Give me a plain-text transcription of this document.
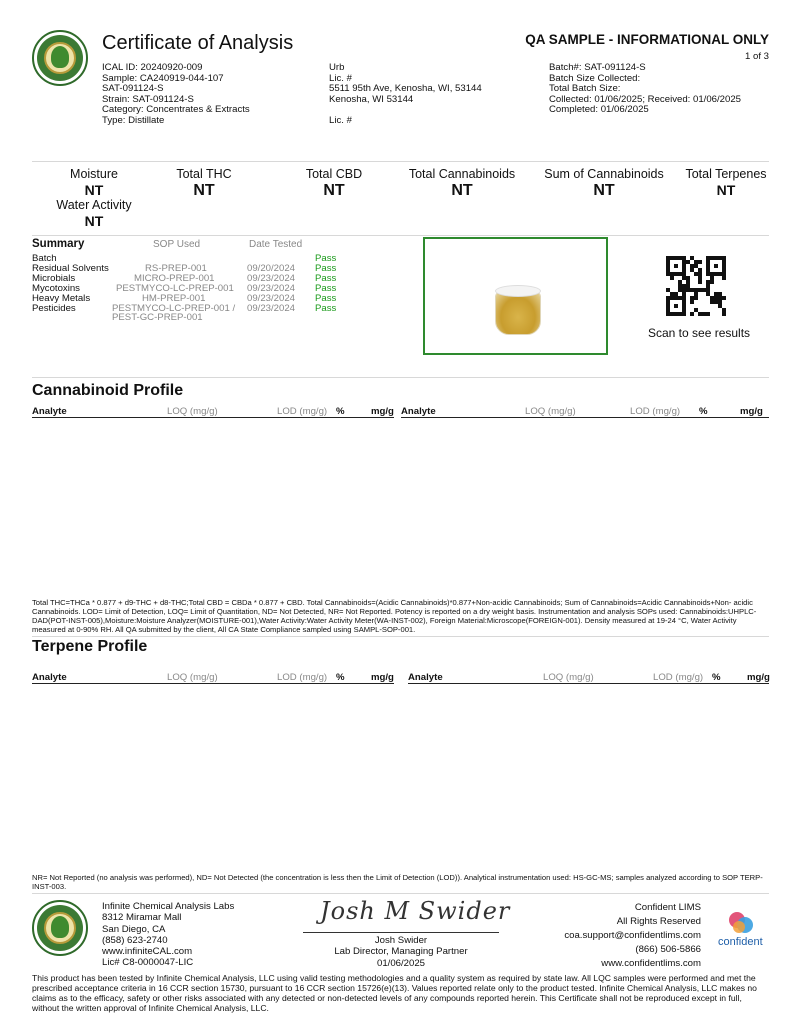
Certificate of Analysis	QA SAMPLE - INFORMATIONAL ONLY
1 of 3
ICAL ID: 20240920-009
Sample: CA240919-044-107
SAT-091124-S
Strain: SAT-091124-S
Category: Concentrates & Extracts
Type: Distillate
Urb
Lic. #
5511 95th Ave, Kenosha, WI, 53144
Kenosha, WI 53144
Lic. #
Batch#: SAT-091124-S
Batch Size Collected:
Total Batch Size:
Collected: 01/06/2025; Received: 01/06/2025
Completed: 01/06/2025
Moisture
NT
Water Activity
NT
Total THC
NT
Total CBD
NT
Total Cannabinoids
NT
Sum of Cannabinoids
NT
Total Terpenes
NT
Summary	SOP Used	Date Tested
Batch	Pass
Residual Solvents	RS-PREP-001	09/20/2024 Pass
Microbials	MICRO-PREP-001	09/23/2024 Pass
Mycotoxins	PESTMYCO-LC-PREP-001 09/23/2024 Pass
Heavy Metals	HM-PREP-001	09/23/2024 Pass
Pesticides	PESTMYCO-LC-PREP-001 / 09/23/2024 Pass
PEST-GC-PREP-001
Scan to see results
Cannabinoid Profile
Analyte	LOQ (mg/g)	LOD (mg/g) %	mg/g Analyte	LOQ (mg/g)	LOD (mg/g) %	mg/g
Total THC=THCa * 0.877 + d9-THC + d8-THC;Total CBD = CBDa * 0.877 + CBD. Total Cannabinoids=(Acidic Cannabinoids)*0.877+Non-acidic Cannabinoids; Sum of Cannabinoids=Acidic Cannabinoids+Non- acidic Cannabinoids. LOD= Limit of Detection, LOQ= Limit of Quantitation, ND= Not Detected, NR= Not Reported. Potency is reported on a dry weight basis. Instrumentation and analysis SOPs used: Cannabinoids:UHPLC-DAD(POT-INST-005),Moisture:Moisture Analyzer(MOISTURE-001),Water Activity:Water Activity Meter(WA-INST-002), Foreign Material:Microscope(FOREIGN-001). Density measured at 19-24 °C, Water Activity measured at 0-90% RH. All QA submitted by the client, All CA State Compliance sampled using SAMPL-SOP-001.
Terpene Profile
Analyte	LOQ (mg/g)	LOD (mg/g) %	mg/g Analyte	LOQ (mg/g)	LOD (mg/g) %	mg/g
NR= Not Reported (no analysis was performed), ND= Not Detected (the concentration is less then the Limit of Detection (LOD)). Analytical instrumentation used: HS-GC-MS; samples analyzed according to SOP TERP-INST-003.
Infinite Chemical Analysis Labs
8312 Miramar Mall
San Diego, CA
(858) 623-2740
www.infiniteCAL.com
Lic# C8-0000047-LIC
Josh M Swider
Josh Swider
Lab Director, Managing Partner
01/06/2025
Confident LIMS
All Rights Reserved
coa.support@confidentlims.com
(866) 506-5866
www.confidentlims.com
confident
This product has been tested by Infinite Chemical Analysis, LLC using valid testing methodologies and a quality system as required by state law. All LQC samples were performed and met the prescribed acceptance criteria in 16 CCR section 15730, pursuant to 16 CCR section 15726(e)(13). Values reported relate only to the product tested. Infinite Chemical Analysis, LLC makes no claims as to the efficacy, safety or other risks associated with any detected or non-detected levels of any compounds reported herein. This Certificate shall not be reproduced except in full, without the written approval of Infinite Chemical Analysis, LLC.
